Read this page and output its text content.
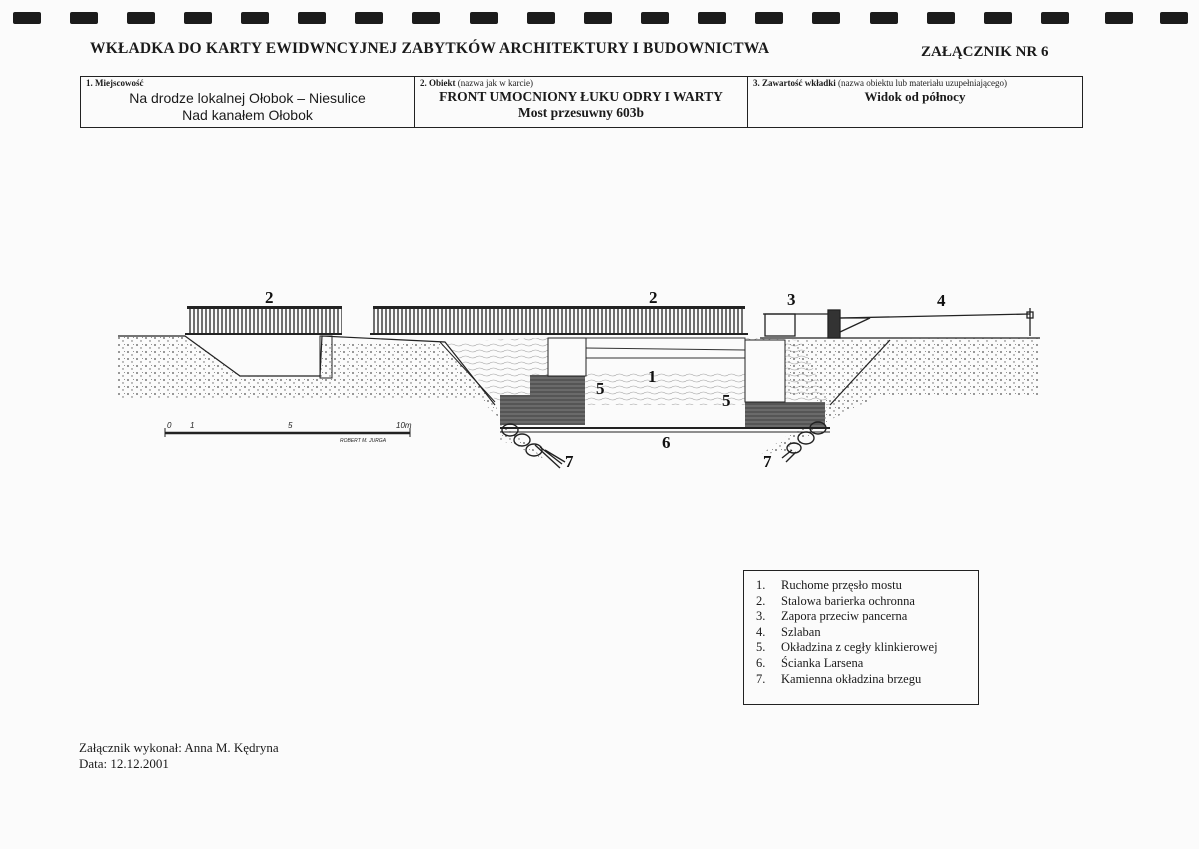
WKŁADKA DO KARTY EWIDWNCYJNEJ ZABYTKÓW ARCHITEKTURY I BUDOWNICTWA	ZAŁĄCZNIK NR 6
1. Miejscowość
Na drodze lokalnej Ołobok – Niesulice
Nad kanałem Ołobok
2. Obiekt (nazwa jak w karcie)
FRONT UMOCNIONY ŁUKU ODRY I WARTY
Most przesuwny 603b
3. Zawartość wkładki (nazwa obiektu lub materiału uzupełniającego)
Widok od północy
2	2	3	4
1
5
5
6
7	7
0 1	5	10m
ROBERT M. JURGA
1.	Ruchome przęsło mostu
2.	Stalowa barierka ochronna
3.	Zapora przeciw pancerna
4.	Szlaban
5.	Okładzina z cegły klinkierowej
6.	Ścianka Larsena
7.	Kamienna okładzina brzegu
Załącznik wykonał: Anna M. Kędryna
Data: 12.12.2001
